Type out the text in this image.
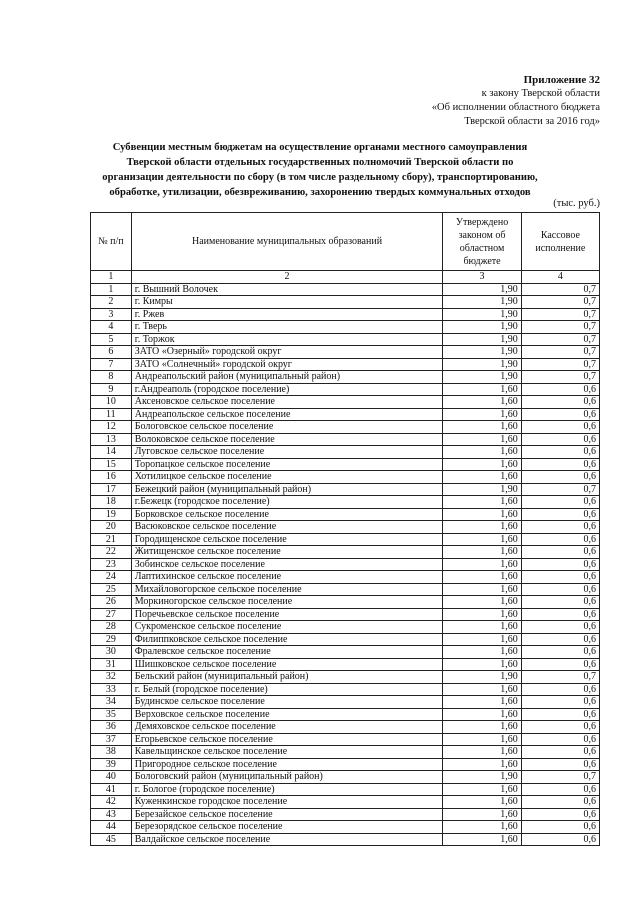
Приложение 32
к закону Тверской области
«Об исполнении областного бюджета
Тверской области за 2016 год»
Субвенции местным бюджетам на осуществление органами местного самоуправления
Тверской области отдельных государственных полномочий Тверской области по
организации деятельности по сбору (в том числе раздельному сбору), транспортированию,
обработке, утилизации, обезвреживанию, захоронению твердых коммунальных отходов
(тыс. руб.)
№ п/п	Наименование муниципальных образований	Утверждено законом об областном бюджете	Кассовое исполнение
1	2	3	4
1	г. Вышний Волочек	1,90	0,7
2	г. Кимры	1,90	0,7
3	г. Ржев	1,90	0,7
4	г. Тверь	1,90	0,7
5	г. Торжок	1,90	0,7
6	ЗАТО «Озерный» городской округ	1,90	0,7
7	ЗАТО «Солнечный» городской округ	1,90	0,7
8	Андреапольский район (муниципальный район)	1,90	0,7
9	г.Андреаполь (городское поселение)	1,60	0,6
10	Аксеновское сельское поселение	1,60	0,6
11	Андреапольское сельское поселение	1,60	0,6
12	Бологовское сельское поселение	1,60	0,6
13	Волоковское сельское поселение	1,60	0,6
14	Луговское сельское поселение	1,60	0,6
15	Торопацкое сельское поселение	1,60	0,6
16	Хотилицкое сельское поселение	1,60	0,6
17	Бежецкий район (муниципальный район)	1,90	0,7
18	г.Бежецк (городское поселение)	1,60	0,6
19	Борковское сельское поселение	1,60	0,6
20	Васюковское сельское поселение	1,60	0,6
21	Городищенское сельское поселение	1,60	0,6
22	Житищенское сельское поселение	1,60	0,6
23	Зобинское сельское поселение	1,60	0,6
24	Лаптихинское сельское поселение	1,60	0,6
25	Михайловогорское сельское поселение	1,60	0,6
26	Моркиногорское сельское поселение	1,60	0,6
27	Поречьевское сельское поселение	1,60	0,6
28	Сукроменское сельское поселение	1,60	0,6
29	Филиппковское сельское поселение	1,60	0,6
30	Фралевское сельское поселение	1,60	0,6
31	Шишковское сельское поселение	1,60	0,6
32	Бельский район (муниципальный район)	1,90	0,7
33	г. Белый (городское поселение)	1,60	0,6
34	Будинское сельское поселение	1,60	0,6
35	Верховское сельское поселение	1,60	0,6
36	Демяховское сельское поселение	1,60	0,6
37	Егорьевское сельское поселение	1,60	0,6
38	Кавельщинское сельское поселение	1,60	0,6
39	Пригородное сельское поселение	1,60	0,6
40	Бологовский район (муниципальный район)	1,90	0,7
41	г. Бологое (городское поселение)	1,60	0,6
42	Куженкинское городское поселение	1,60	0,6
43	Березайское сельское поселение	1,60	0,6
44	Березорядское сельское поселение	1,60	0,6
45	Валдайское сельское поселение	1,60	0,6
